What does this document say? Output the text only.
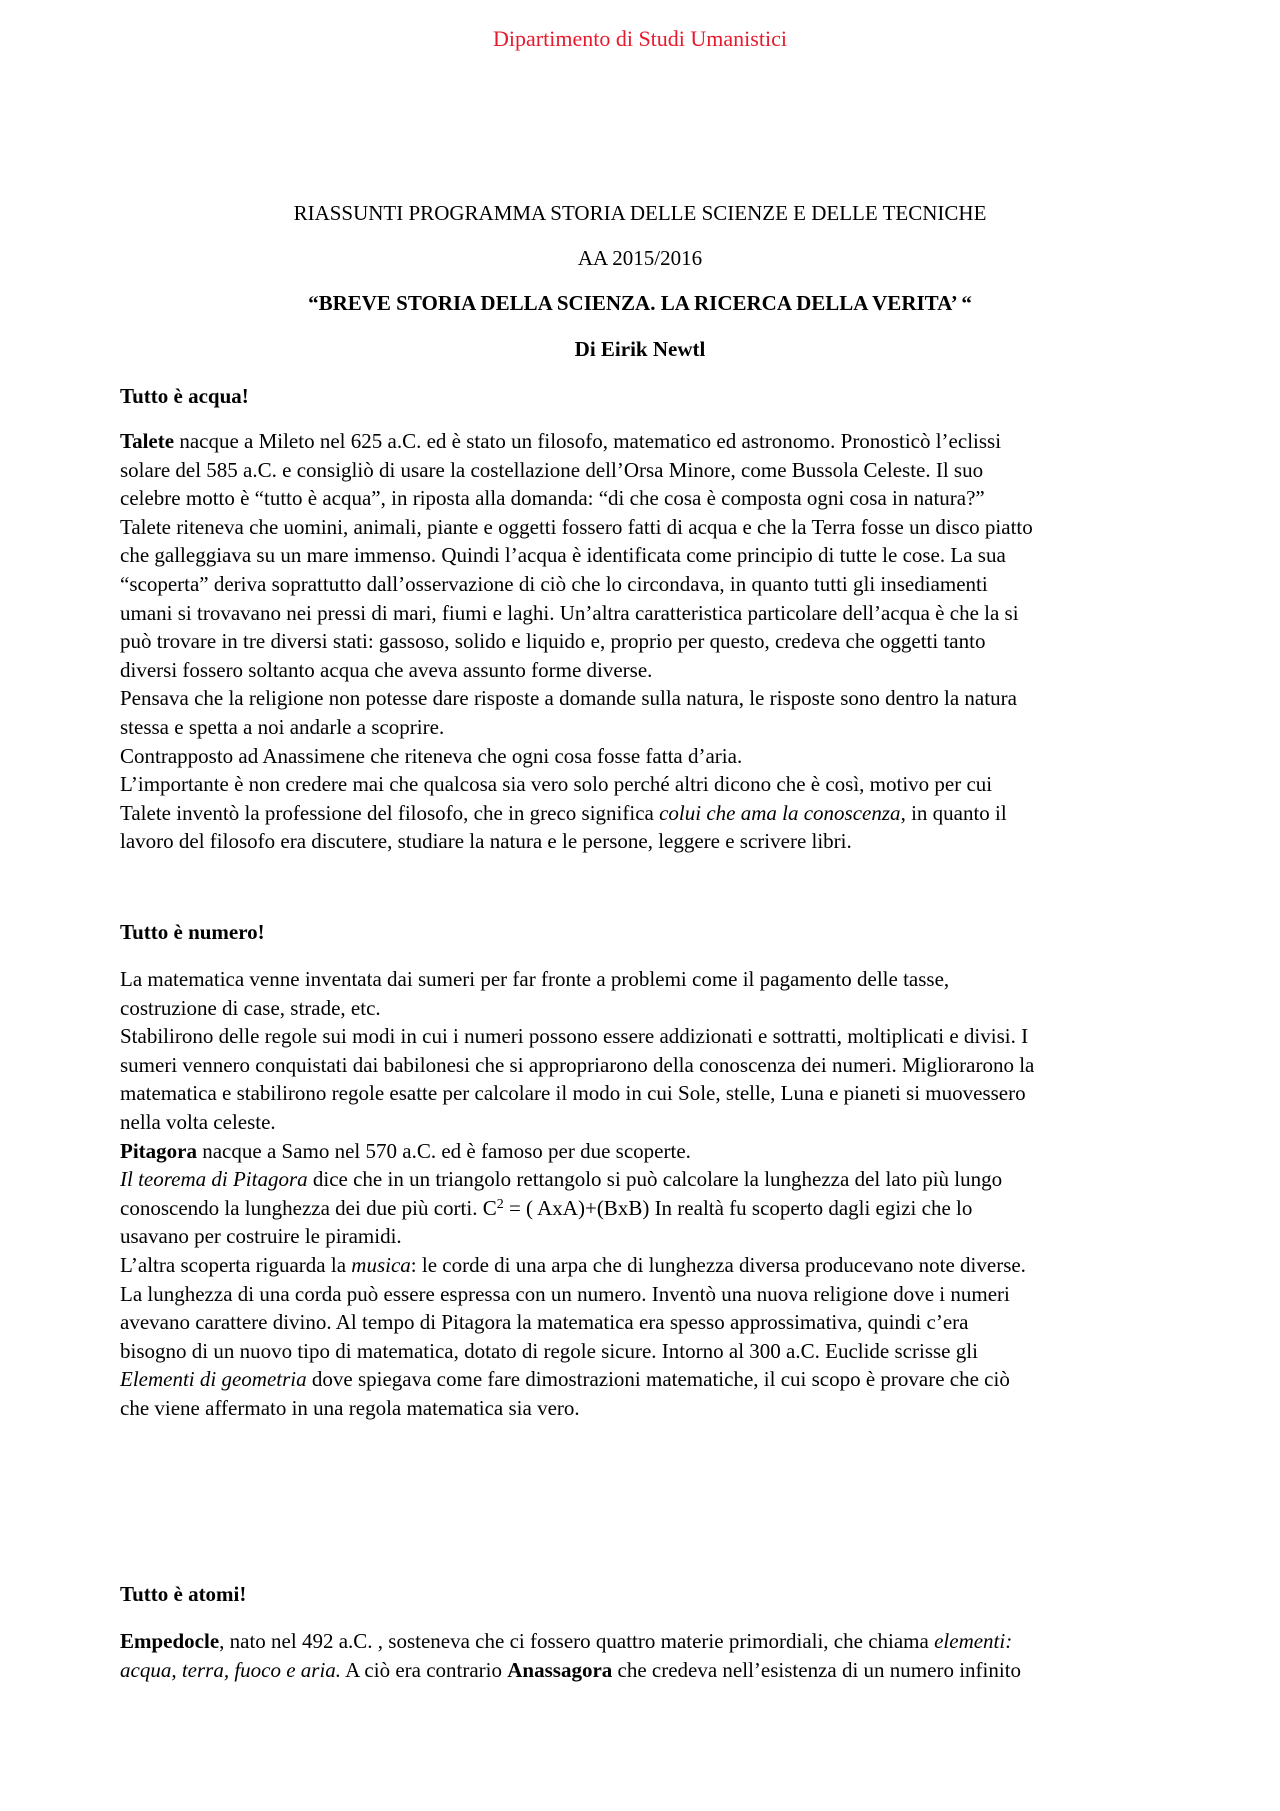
Dipartimento di Studi Umanistici
RIASSUNTI PROGRAMMA STORIA DELLE SCIENZE E DELLE TECNICHE
AA 2015/2016
“BREVE STORIA DELLA SCIENZA. LA RICERCA DELLA VERITA’ “
Di Eirik Newtl
Tutto è acqua!
Talete nacque a Mileto nel 625 a.C. ed è stato un filosofo, matematico ed astronomo. Pronosticò l’eclissi
solare del 585 a.C. e consigliò di usare la costellazione dell’Orsa Minore, come Bussola Celeste. Il suo
celebre motto è “tutto è acqua”, in riposta alla domanda: “di che cosa è composta ogni cosa in natura?”
Talete riteneva che uomini, animali, piante e oggetti fossero fatti di acqua e che la Terra fosse un disco piatto
che galleggiava su un mare immenso. Quindi l’acqua è identificata come principio di tutte le cose. La sua
“scoperta” deriva soprattutto dall’osservazione di ciò che lo circondava, in quanto tutti gli insediamenti
umani si trovavano nei pressi di mari, fiumi e laghi. Un’altra caratteristica particolare dell’acqua è che la si
può trovare in tre diversi stati: gassoso, solido e liquido e, proprio per questo, credeva che oggetti tanto
diversi fossero soltanto acqua che aveva assunto forme diverse.
Pensava che la religione non potesse dare risposte a domande sulla natura, le risposte sono dentro la natura
stessa e spetta a noi andarle a scoprire.
Contrapposto ad Anassimene che riteneva che ogni cosa fosse fatta d’aria.
L’importante è non credere mai che qualcosa sia vero solo perché altri dicono che è così, motivo per cui
Talete inventò la professione del filosofo, che in greco significa colui che ama la conoscenza, in quanto il
lavoro del filosofo era discutere, studiare la natura e le persone, leggere e scrivere libri.
Tutto è numero!
La matematica venne inventata dai sumeri per far fronte a problemi come il pagamento delle tasse,
costruzione di case, strade, etc.
Stabilirono delle regole sui modi in cui i numeri possono essere addizionati e sottratti, moltiplicati e divisi. I
sumeri vennero conquistati dai babilonesi che si appropriarono della conoscenza dei numeri. Migliorarono la
matematica e stabilirono regole esatte per calcolare il modo in cui Sole, stelle, Luna e pianeti si muovessero
nella volta celeste.
Pitagora nacque a Samo nel 570 a.C. ed è famoso per due scoperte.
Il teorema di Pitagora dice che in un triangolo rettangolo si può calcolare la lunghezza del lato più lungo
conoscendo la lunghezza dei due più corti. $C^2$ = ( AxA)+(BxB) In realtà fu scoperto dagli egizi che lo
usavano per costruire le piramidi.
L’altra scoperta riguarda la musica: le corde di una arpa che di lunghezza diversa producevano note diverse.
La lunghezza di una corda può essere espressa con un numero. Inventò una nuova religione dove i numeri
avevano carattere divino. Al tempo di Pitagora la matematica era spesso approssimativa, quindi c’era
bisogno di un nuovo tipo di matematica, dotato di regole sicure. Intorno al 300 a.C. Euclide scrisse gli
Elementi di geometria dove spiegava come fare dimostrazioni matematiche, il cui scopo è provare che ciò
che viene affermato in una regola matematica sia vero.
Tutto è atomi!
Empedocle, nato nel 492 a.C. , sosteneva che ci fossero quattro materie primordiali, che chiama elementi:
acqua, terra, fuoco e aria. A ciò era contrario Anassagora che credeva nell’esistenza di un numero infinito
